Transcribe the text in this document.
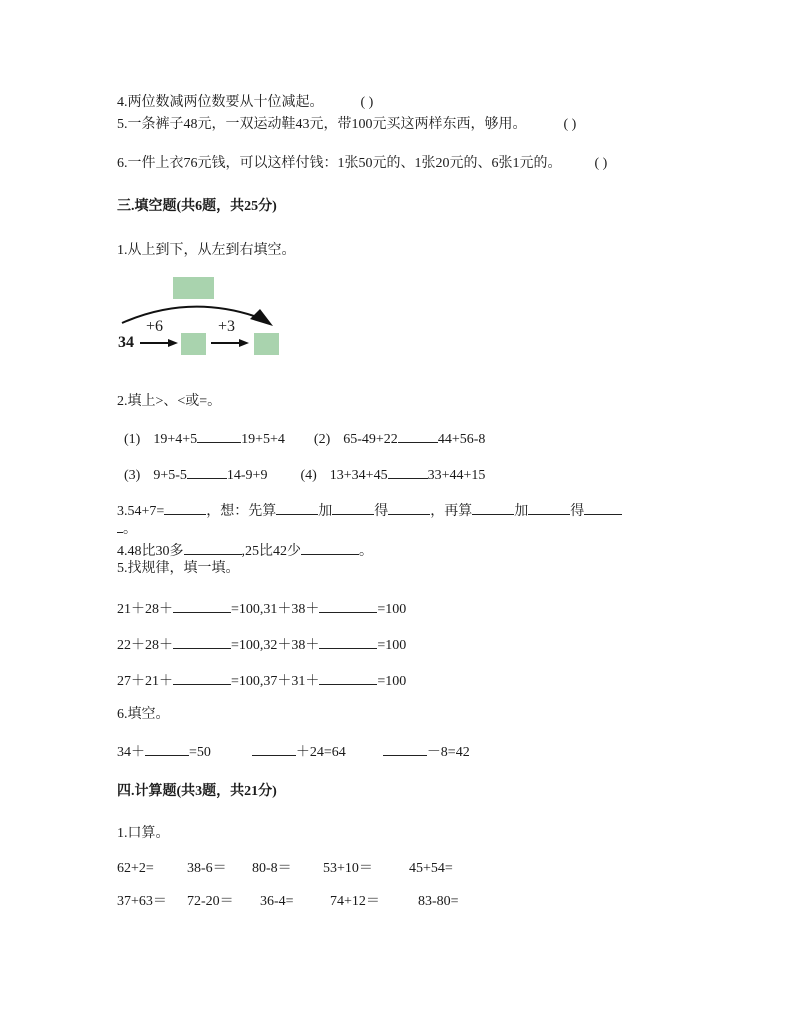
4.两位数减两位数要从十位减起。	( )
5.一条裤子48元，一双运动鞋43元，带100元买这两样东西，够用。	( )
6.一件上衣76元钱，可以这样付钱：1张50元的、1张20元的、6张1元的。 ( )
三.填空题(共6题，共25分)
1.从上到下，从左到右填空。
34
+6	+3
2.填上>、<或=。
(1) 19+4+5	19+5+4 (2) 65-49+22	44+56-8
(3) 9+5-5	14-9+9 (4) 13+34+45	33+44+15
3.54+7=	，想：先算	加	得	，再算	加	得
。
4.48比30多	,25比42少	。
5.找规律，填一填。
21＋28＋	=100,31＋38＋	=100
22＋28＋	=100,32＋38＋	=100
27＋21＋	=100,37＋31＋	=100
6.填空。
34＋	=50	＋24=64	－8=42
四.计算题(共3题，共21分)
1.口算。
62+2= 38-6＝ 80-8＝ 53+10＝	45+54=
37+63＝ 72-20＝ 36-4=	74+12＝	83-80=
